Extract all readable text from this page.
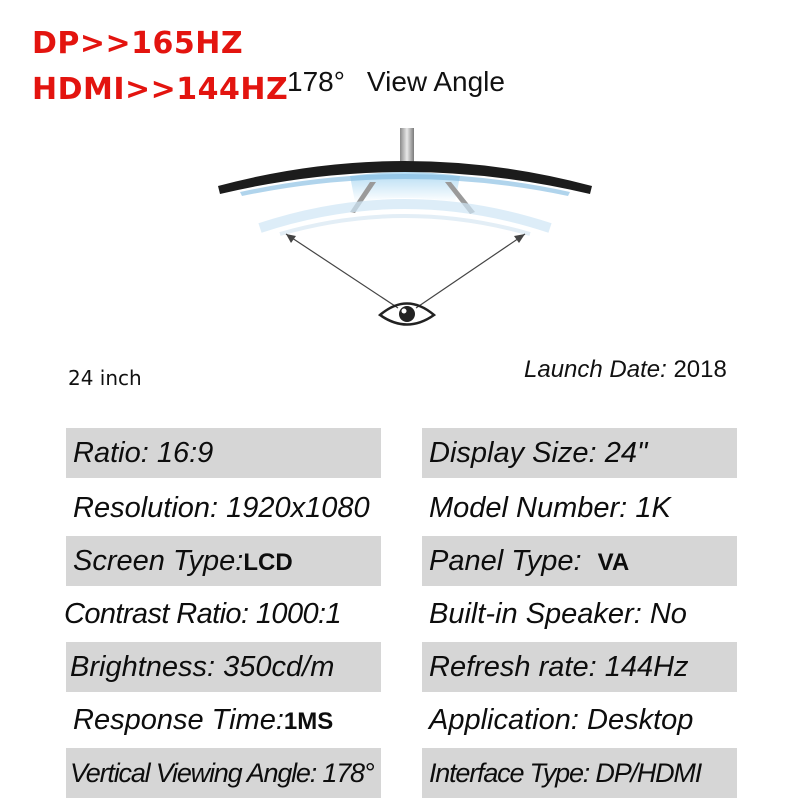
DP>>165HZ
HDMI>>144HZ
178° View Angle
24 inch	Launch Date: 2018
Ratio: 16:9
Resolution: 1920x1080
Screen Type:LCD
Contrast Ratio: 1000:1
Brightness: 350cd/m
Response Time:1MS
Vertical Viewing Angle: 178°
Display Size: 24"
Model Number: 1K
Panel Type: VA
Built-in Speaker: No
Refresh rate: 144Hz
Application: Desktop
Interface Type: DP/HDMI
